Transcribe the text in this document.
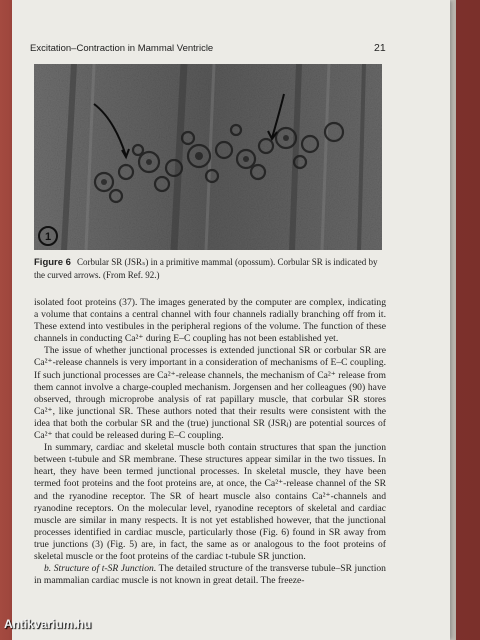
Excitation–Contraction in Mammal Ventricle	21
1
Figure 6 Corbular SR (JSRₛ) in a primitive mammal (opossum). Corbular SR is indicated by the curved arrows. (From Ref. 92.)

isolated foot proteins (37). The images generated by the computer are complex, indicating a volume that contains a central channel with four channels radially branching off from it. These extend into vestibules in the peripheral regions of the volume. The function of these channels in conducting Ca²⁺ during E–C coupling has not been established yet.

The issue of whether junctional processes is extended junctional SR or corbular SR are Ca²⁺-release channels is very important in a consideration of mechanisms of E–C coupling. If such junctional processes are Ca²⁺-release channels, the mechanism of Ca²⁺ release from them cannot involve a charge-coupled mechanism. Jorgensen and her colleagues (90) have observed, through microprobe analysis of rat papillary muscle, that corbular SR stores Ca²⁺, like junctional SR. These authors noted that their results were consistent with the idea that both the corbular SR and the (true) junctional SR (JSRⱼ) are potential sources of Ca²⁺ that could be released during E–C coupling.

In summary, cardiac and skeletal muscle both contain structures that span the junction between t-tubule and SR membrane. These structures appear similar in the two tissues. In heart, they have been termed junctional processes. In skeletal muscle, they have been termed foot proteins and the foot proteins are, at once, the Ca²⁺-release channel of the SR and the ryanodine receptor. The SR of heart muscle also contains Ca²⁺-channels and ryanodine receptors. On the molecular level, ryanodine receptors of skeletal and cardiac muscle are similar in many respects. It is not yet established however, that the junctional processes identified in cardiac muscle, particularly those (Fig. 6) found in SR away from true junctions (3) (Fig. 5) are, in fact, the same as or analogous to the foot proteins of skeletal muscle or the foot proteins of the cardiac t-tubule SR junction.

b. Structure of t-SR Junction. The detailed structure of the transverse tubule–SR junction in mammalian cardiac muscle is not known in great detail. The freeze-

Antikvarium.hu
